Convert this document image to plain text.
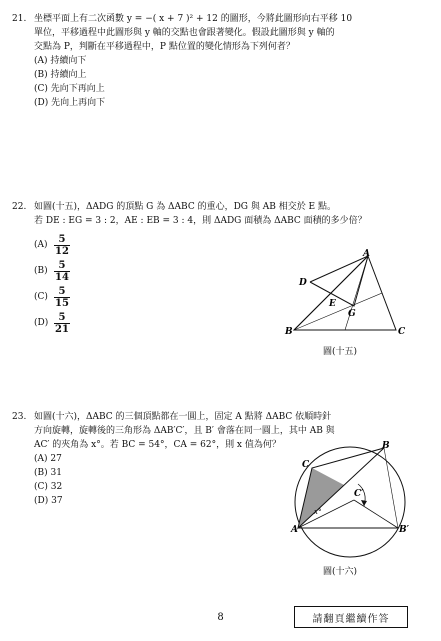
21. 坐標平面上有二次函數 y = −( x + 7 )² + 12 的圖形，今將此圖形向右平移 10
單位，平移過程中此圖形與 y 軸的交點也會跟著變化。假設此圖形與 y 軸的
交點為 P，判斷在平移過程中，P 點位置的變化情形為下列何者？
(A) 持續向下
(B) 持續向上
(C) 先向下再向上
(D) 先向上再向下
22. 如圖(十五)，ΔADG 的頂點 G 為 ΔABC 的重心，DG 與 AB 相交於 E 點。
若 DE : EG = 3 : 2，AE : EB = 3 : 4，則 ΔADG 面積為 ΔABC 面積的多少倍？
$(A) \frac{5}{12}$
$(B) \frac{5}{14}$
$(C) \frac{5}{15}$
$(D) \frac{5}{21}$
A
B	C
D
E
G
圖(十五)
23. 如圖(十六)，ΔABC 的三個頂點都在一圓上，固定 A 點將 ΔABC 依順時針
方向旋轉，旋轉後的三角形為 ΔAB′C′，且 B′ 會落在同一圓上，其中 AB 與
AC′ 的夾角為 x°。若 BC = 54°，CA = 62°，則 x 值為何？
(A) 27
(B) 31
(C) 32
(D) 37
A
B
C
B′
C′
x°
圖(十六)
8	請翻頁繼續作答
